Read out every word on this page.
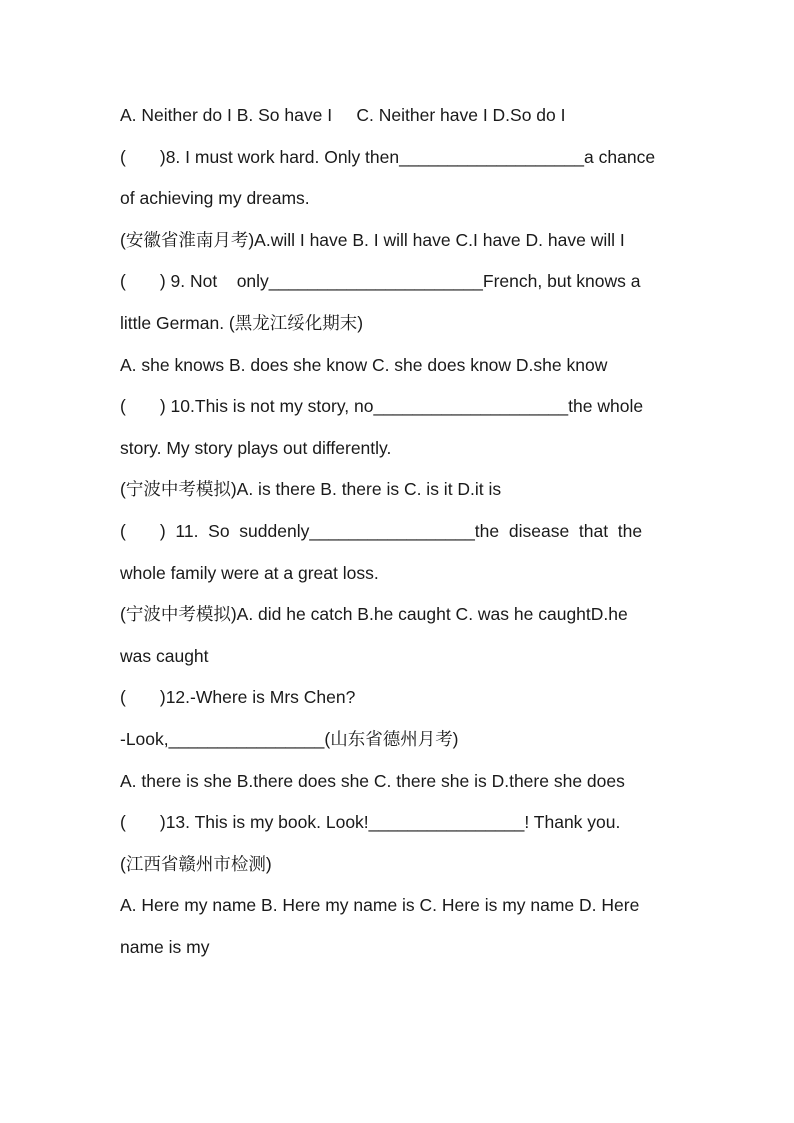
A. Neither do I B. So have I     C. Neither have I D.So do I
(       )8. I must work hard. Only then___________________a chance
of achieving my dreams.
(安徽省淮南月考)A.will I have B. I will have C.I have D. have will I
(       ) 9. Not    only______________________French, but knows a
little German. (黑龙江绥化期末)
A. she knows B. does she know C. she does know D.she know
(       ) 10.This is not my story, no____________________the whole
story. My story plays out differently.
(宁波中考模拟)A. is there B. there is C. is it D.it is
(       )  11.  So  suddenly_________________the  disease  that  the
whole family were at a great loss.
(宁波中考模拟)A. did he catch B.he caught C. was he caughtD.he
was caught
(       )12.-Where is Mrs Chen?
-Look,________________(山东省德州月考)
A. there is she B.there does she C. there she is D.there she does
(       )13. This is my book. Look!________________! Thank you.
(江西省赣州市检测)
A. Here my name B. Here my name is C. Here is my name D. Here
name is my
